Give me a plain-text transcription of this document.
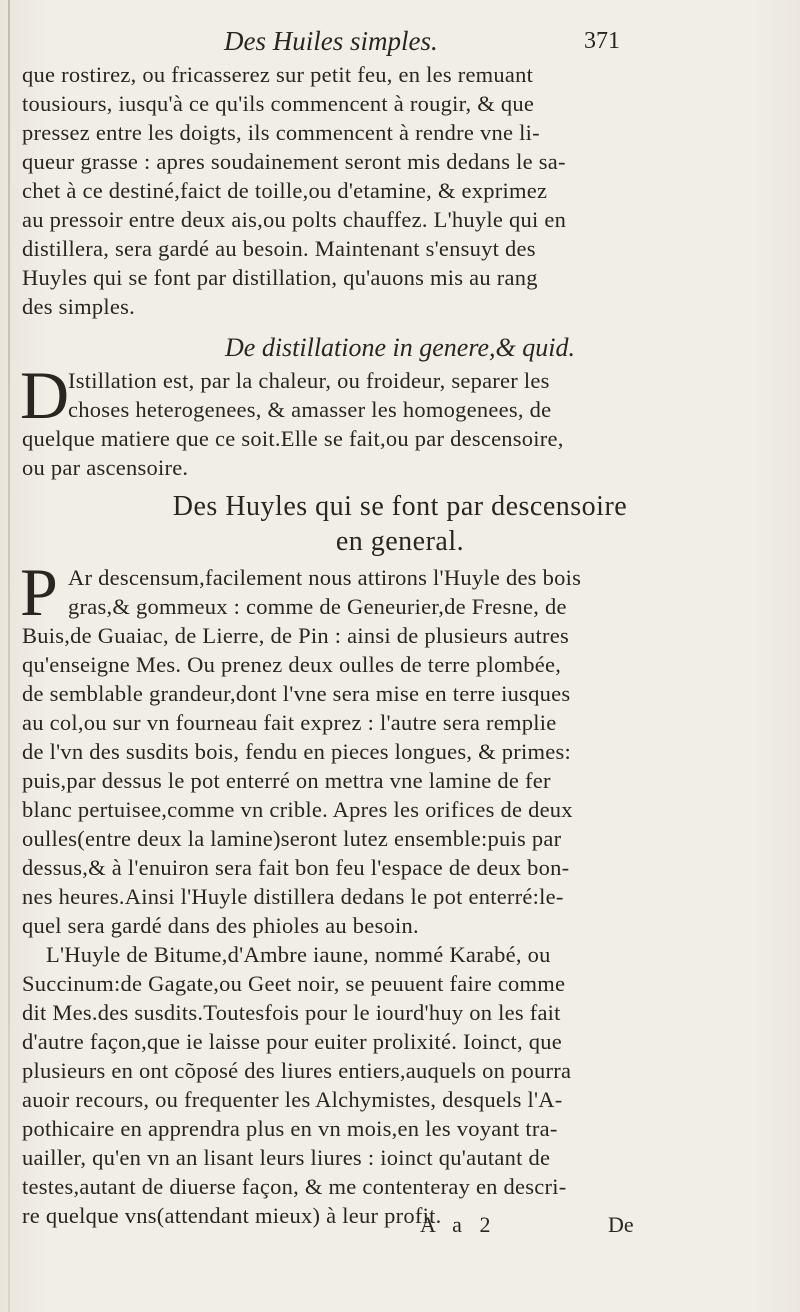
Des Huiles simples.	371
que rostirez, ou fricasserez sur petit feu, en les remuant
tousiours, iusqu'à ce qu'ils commencent à rougir, & que
pressez entre les doigts, ils commencent à rendre vne li-
queur grasse : apres soudainement seront mis dedans le sa-
chet à ce destiné,faict de toille,ou d'etamine, & exprimez
au pressoir entre deux ais,ou polts chauffez. L'huyle qui en
distillera, sera gardé au besoin. Maintenant s'ensuyt des
Huyles qui se font par distillation, qu'auons mis au rang
des simples.
De distillatione in genere,& quid.
D
Istillation est, par la chaleur, ou froideur, separer les
choses heterogenees, & amasser les homogenees, de
quelque matiere que ce soit.Elle se fait,ou par descensoire,
ou par ascensoire.
Des Huyles qui se font par descensoire
en general.
P Ar descensum,facilement nous attirons l'Huyle des bois
gras,& gommeux : comme de Geneurier,de Fresne, de
Buis,de Guaiac, de Lierre, de Pin : ainsi de plusieurs autres
qu'enseigne Mes. Ou prenez deux oulles de terre plombée,
de semblable grandeur,dont l'vne sera mise en terre iusques
au col,ou sur vn fourneau fait exprez : l'autre sera remplie
de l'vn des susdits bois, fendu en pieces longues, & primes:
puis,par dessus le pot enterré on mettra vne lamine de fer
blanc pertuisee,comme vn crible. Apres les orifices de deux
oulles(entre deux la lamine)seront lutez ensemble:puis par
dessus,& à l'enuiron sera fait bon feu l'espace de deux bon-
nes heures.Ainsi l'Huyle distillera dedans le pot enterré:le-
quel sera gardé dans des phioles au besoin.
L'Huyle de Bitume,d'Ambre iaune, nommé Karabé, ou
Succinum:de Gagate,ou Geet noir, se peuuent faire comme
dit Mes.des susdits.Toutesfois pour le iourd'huy on les fait
d'autre façon,que ie laisse pour euiter prolixité. Ioinct, que
plusieurs en ont cõposé des liures entiers,auquels on pourra
auoir recours, ou frequenter les Alchymistes, desquels l'A-
pothicaire en apprendra plus en vn mois,en les voyant tra-
uailler, qu'en vn an lisant leurs liures : ioinct qu'autant de
testes,autant de diuerse façon, & me contenteray en descri-
re quelque vns(attendant mieux) à leur profit.
A a 2	De
